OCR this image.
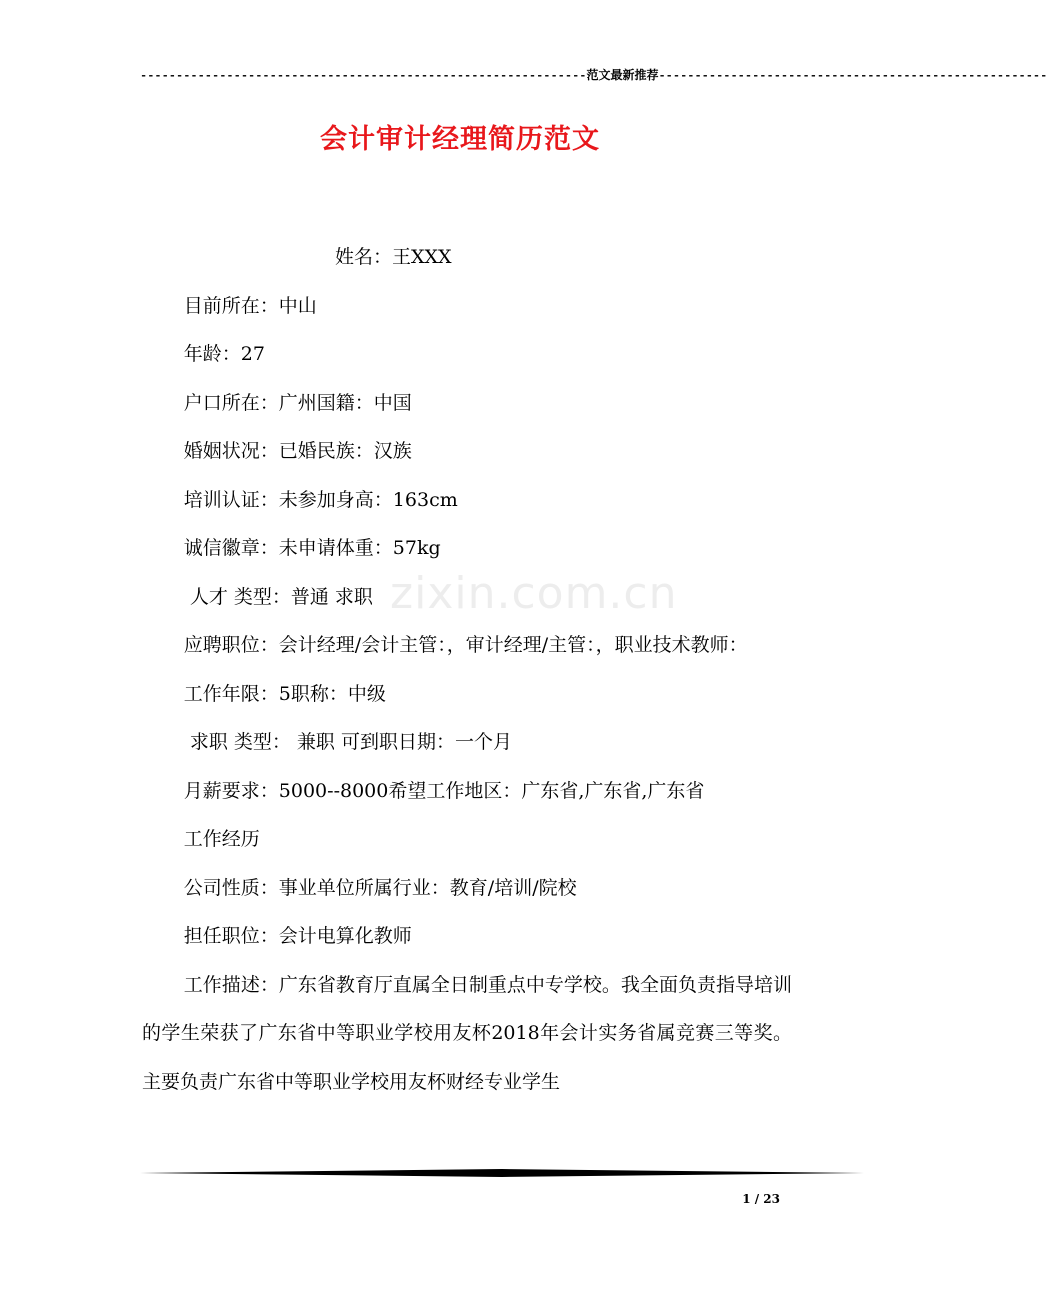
--------------------------------------------------------------范文最新推荐------------------------------------------------------
会计审计经理简历范文

姓名：王XXX

目前所在：中山

年龄：27

户口所在：广州国籍：中国

婚姻状况：已婚民族：汉族

培训认证：未参加身高：163cm

诚信徽章：未申请体重：57kg

人才 类型：普通 求职

应聘职位：会计经理/会计主管：，审计经理/主管：，职业技术教师：

工作年限：5职称：中级

求职 类型： 兼职 可到职日期：一个月

月薪要求：5000--8000希望工作地区：广东省,广东省,广东省

工作经历

公司性质：事业单位所属行业：教育/培训/院校

担任职位：会计电算化教师

工作描述：广东省教育厅直属全日制重点中专学校。我全面负责指导培训的学生荣获了广东省中等职业学校用友杯2018年会计实务省属竞赛三等奖。主要负责广东省中等职业学校用友杯财经专业学生

zixin.com.cn
1 / 23
